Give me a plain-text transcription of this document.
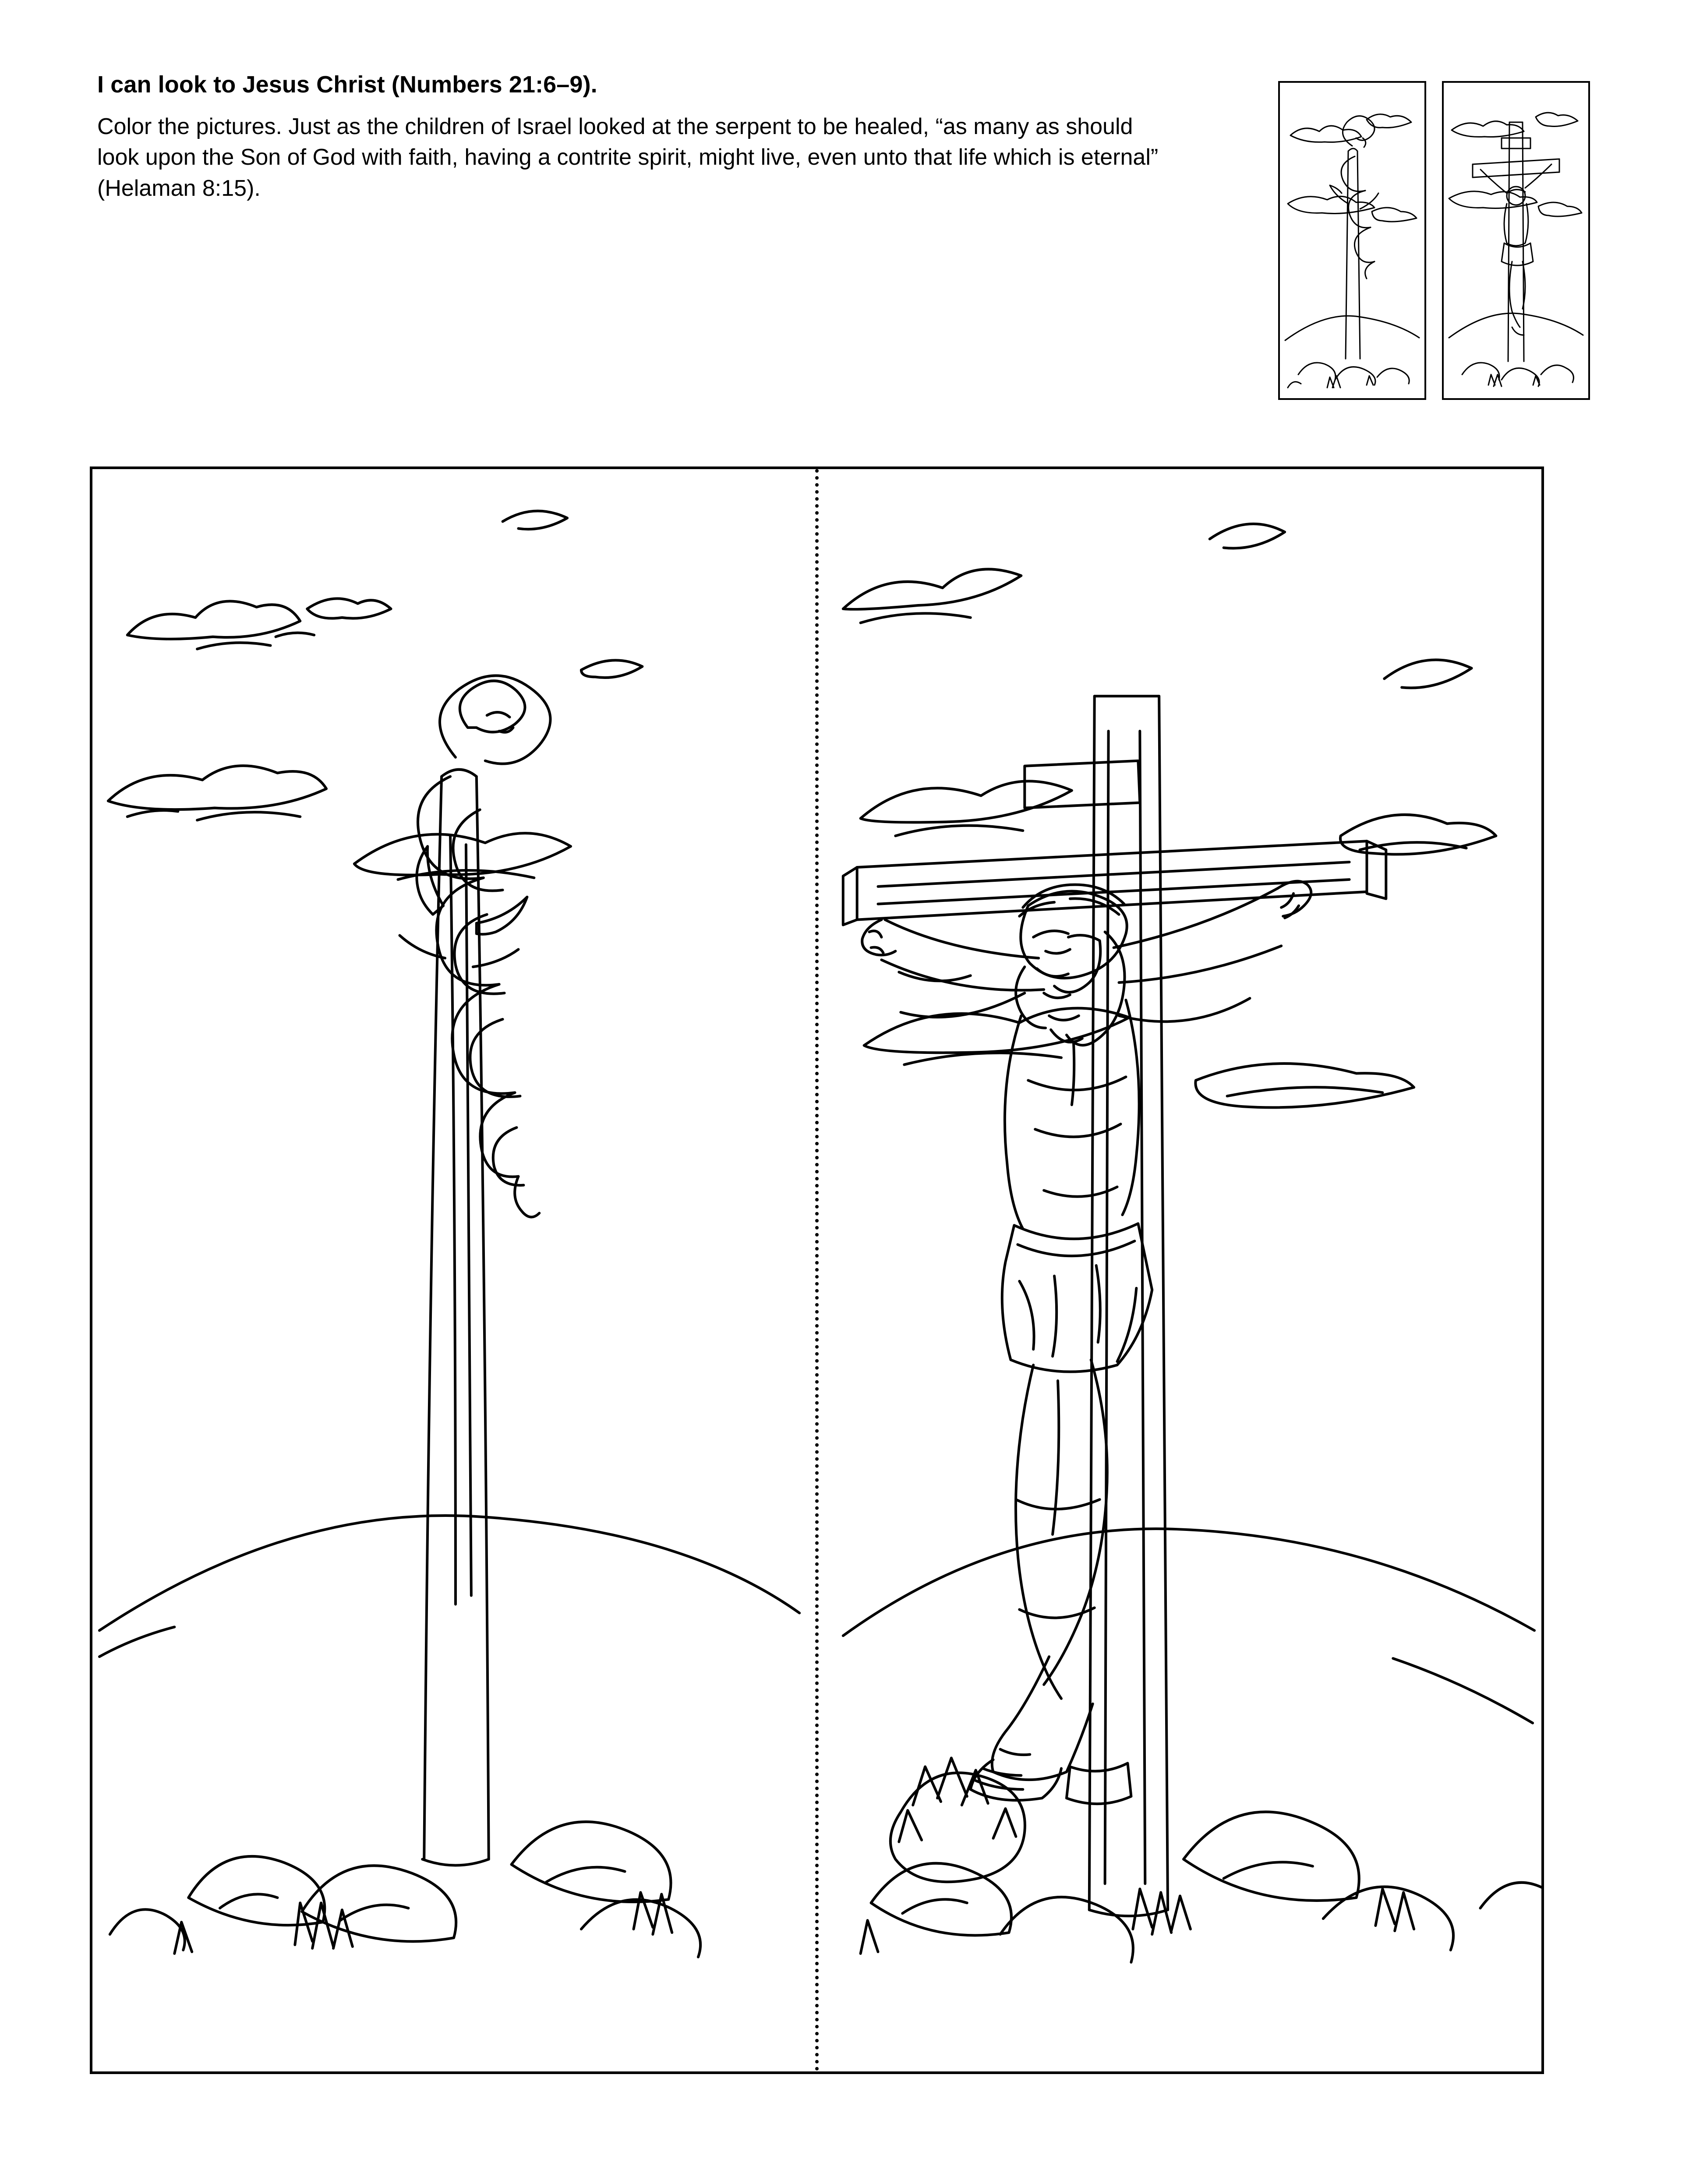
I can look to Jesus Christ (Numbers 21:6–9).

Color the pictures. Just as the children of Israel looked at the serpent to be healed, “as many as should look upon the Son of God with faith, having a contrite spirit, might live, even unto that life which is eternal” (Helaman 8:15).
